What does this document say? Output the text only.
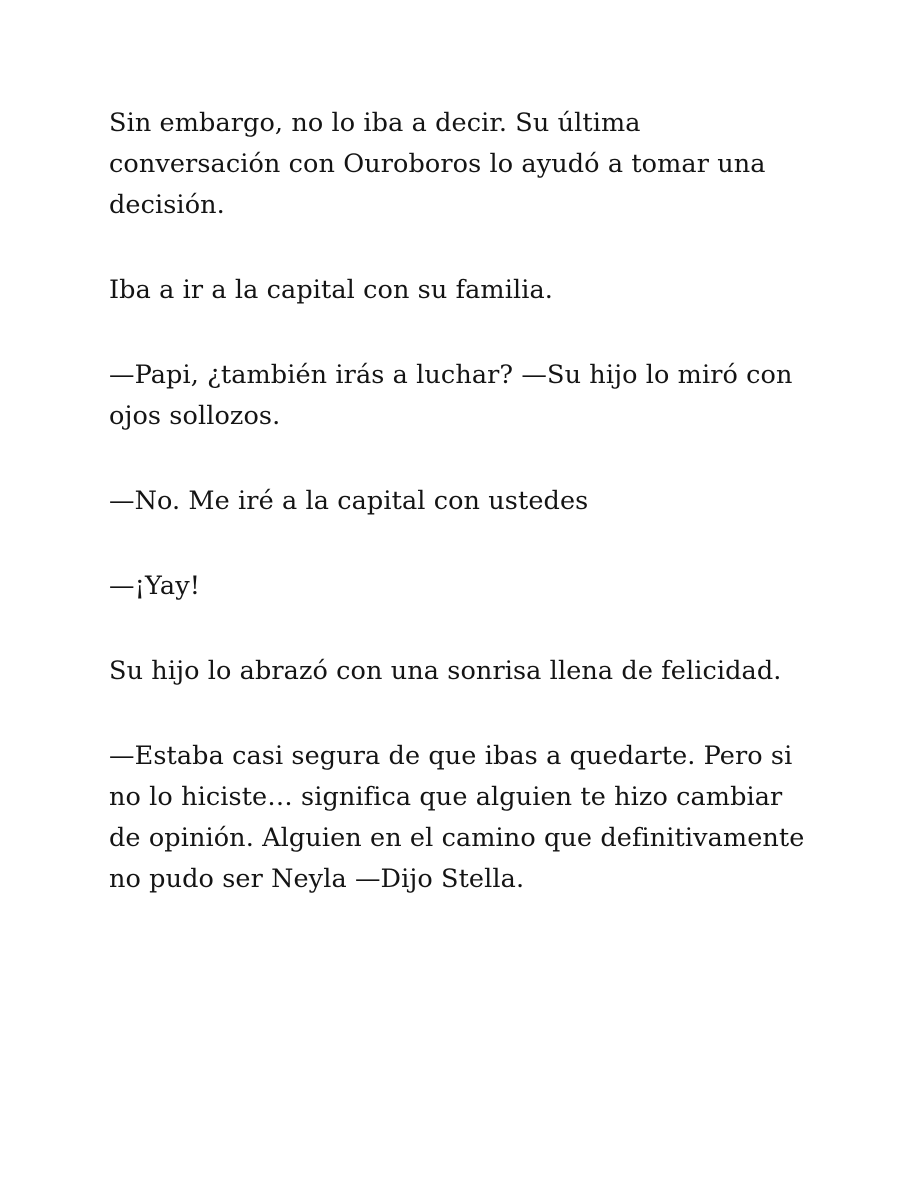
Sin embargo, no lo iba a decir. Su última conversación con Ouroboros lo ayudó a tomar una decisión.

Iba a ir a la capital con su familia.

—Papi, ¿también irás a luchar? —Su hijo lo miró con ojos sollozos.

—No. Me iré a la capital con ustedes

—¡Yay!

Su hijo lo abrazó con una sonrisa llena de felicidad.

—Estaba casi segura de que ibas a quedarte. Pero si no lo hiciste… significa que alguien te hizo cambiar de opinión. Alguien en el camino que definitivamente no pudo ser Neyla —Dijo Stella.
